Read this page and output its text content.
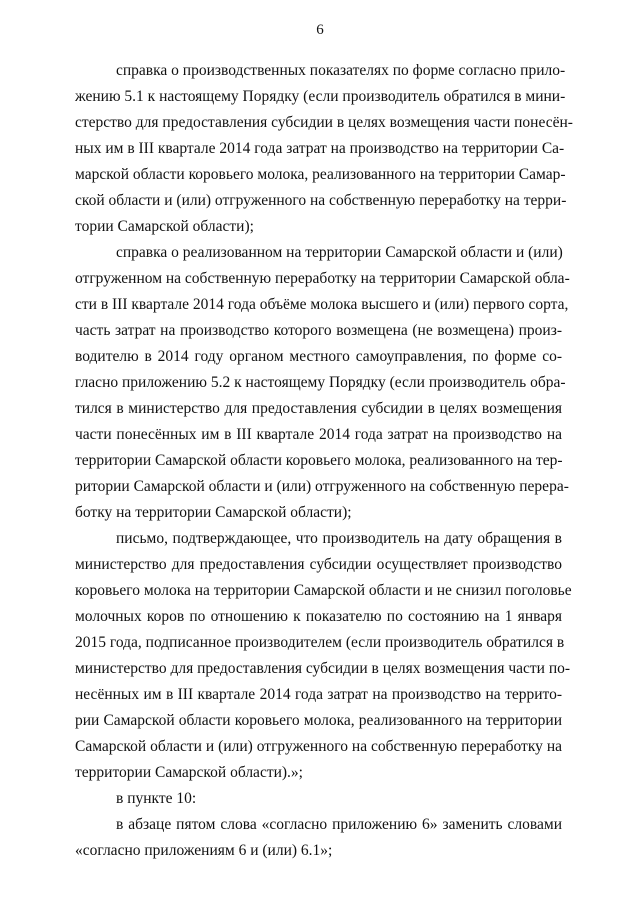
6
справка о производственных показателях по форме согласно прило-
жению 5.1 к настоящему Порядку (если производитель обратился в мини-
стерство для предоставления субсидии в целях возмещения части понесён-
ных им в III квартале 2014 года затрат на производство на территории Са-
марской области коровьего молока, реализованного на территории Самар-
ской области и (или) отгруженного на собственную переработку на терри-
тории Самарской области);
справка о реализованном на территории Самарской области и (или)
отгруженном на собственную переработку на территории Самарской обла-
сти в III квартале 2014 года объёме молока высшего и (или) первого сорта,
часть затрат на производство которого возмещена (не возмещена) произ-
водителю в 2014 году органом местного самоуправления, по форме со-
гласно приложению 5.2 к настоящему Порядку (если производитель обра-
тился в министерство для предоставления субсидии в целях возмещения
части понесённых им в III квартале 2014 года затрат на производство на
территории Самарской области коровьего молока, реализованного на тер-
ритории Самарской области и (или) отгруженного на собственную перера-
ботку на территории Самарской области);
письмо, подтверждающее, что производитель на дату обращения в
министерство для предоставления субсидии осуществляет производство
коровьего молока на территории Самарской области и не снизил поголовье
молочных коров по отношению к показателю по состоянию на 1 января
2015 года, подписанное производителем (если производитель обратился в
министерство для предоставления субсидии в целях возмещения части по-
несённых им в III квартале 2014 года затрат на производство на террито-
рии Самарской области коровьего молока, реализованного на территории
Самарской области и (или) отгруженного на собственную переработку на
территории Самарской области).»;
в пункте 10:
в абзаце пятом слова «согласно приложению 6» заменить словами
«согласно приложениям 6 и (или) 6.1»;
